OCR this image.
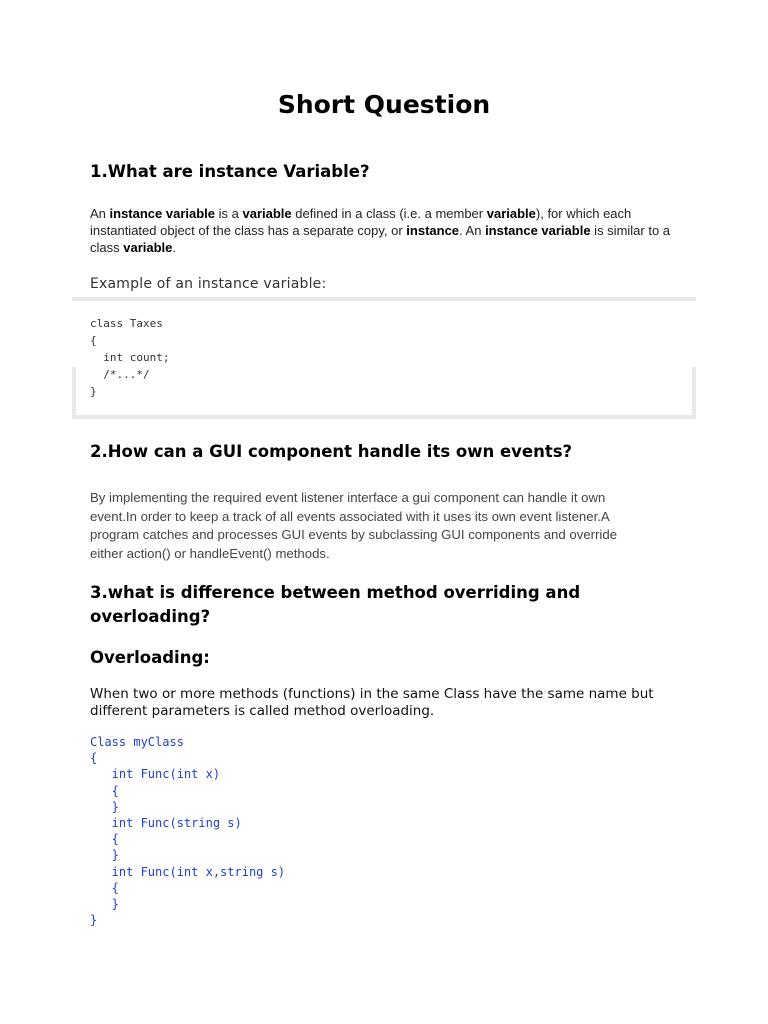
Short Question
1.What are instance Variable?

An instance variable is a variable defined in a class (i.e. a member variable), for which each instantiated object of the class has a separate copy, or instance. An instance variable is similar to a class variable.

Example of an instance variable:

class Taxes
{
int count;
/*...*/
}
2.How can a GUI component handle its own events?

By implementing the required event listener interface a gui component can handle it own event.In order to keep a track of all events associated with it uses its own event listener.A program catches and processes GUI events by subclassing GUI components and override either action() or handleEvent() methods.

3.what is difference between method overriding and overloading?
Overloading:

When two or more methods (functions) in the same Class have the same name but different parameters is called method overloading.

Class myClass
{
int Func(int x)
{
}
int Func(string s)
{
}
int Func(int x,string s)
{
}
}
